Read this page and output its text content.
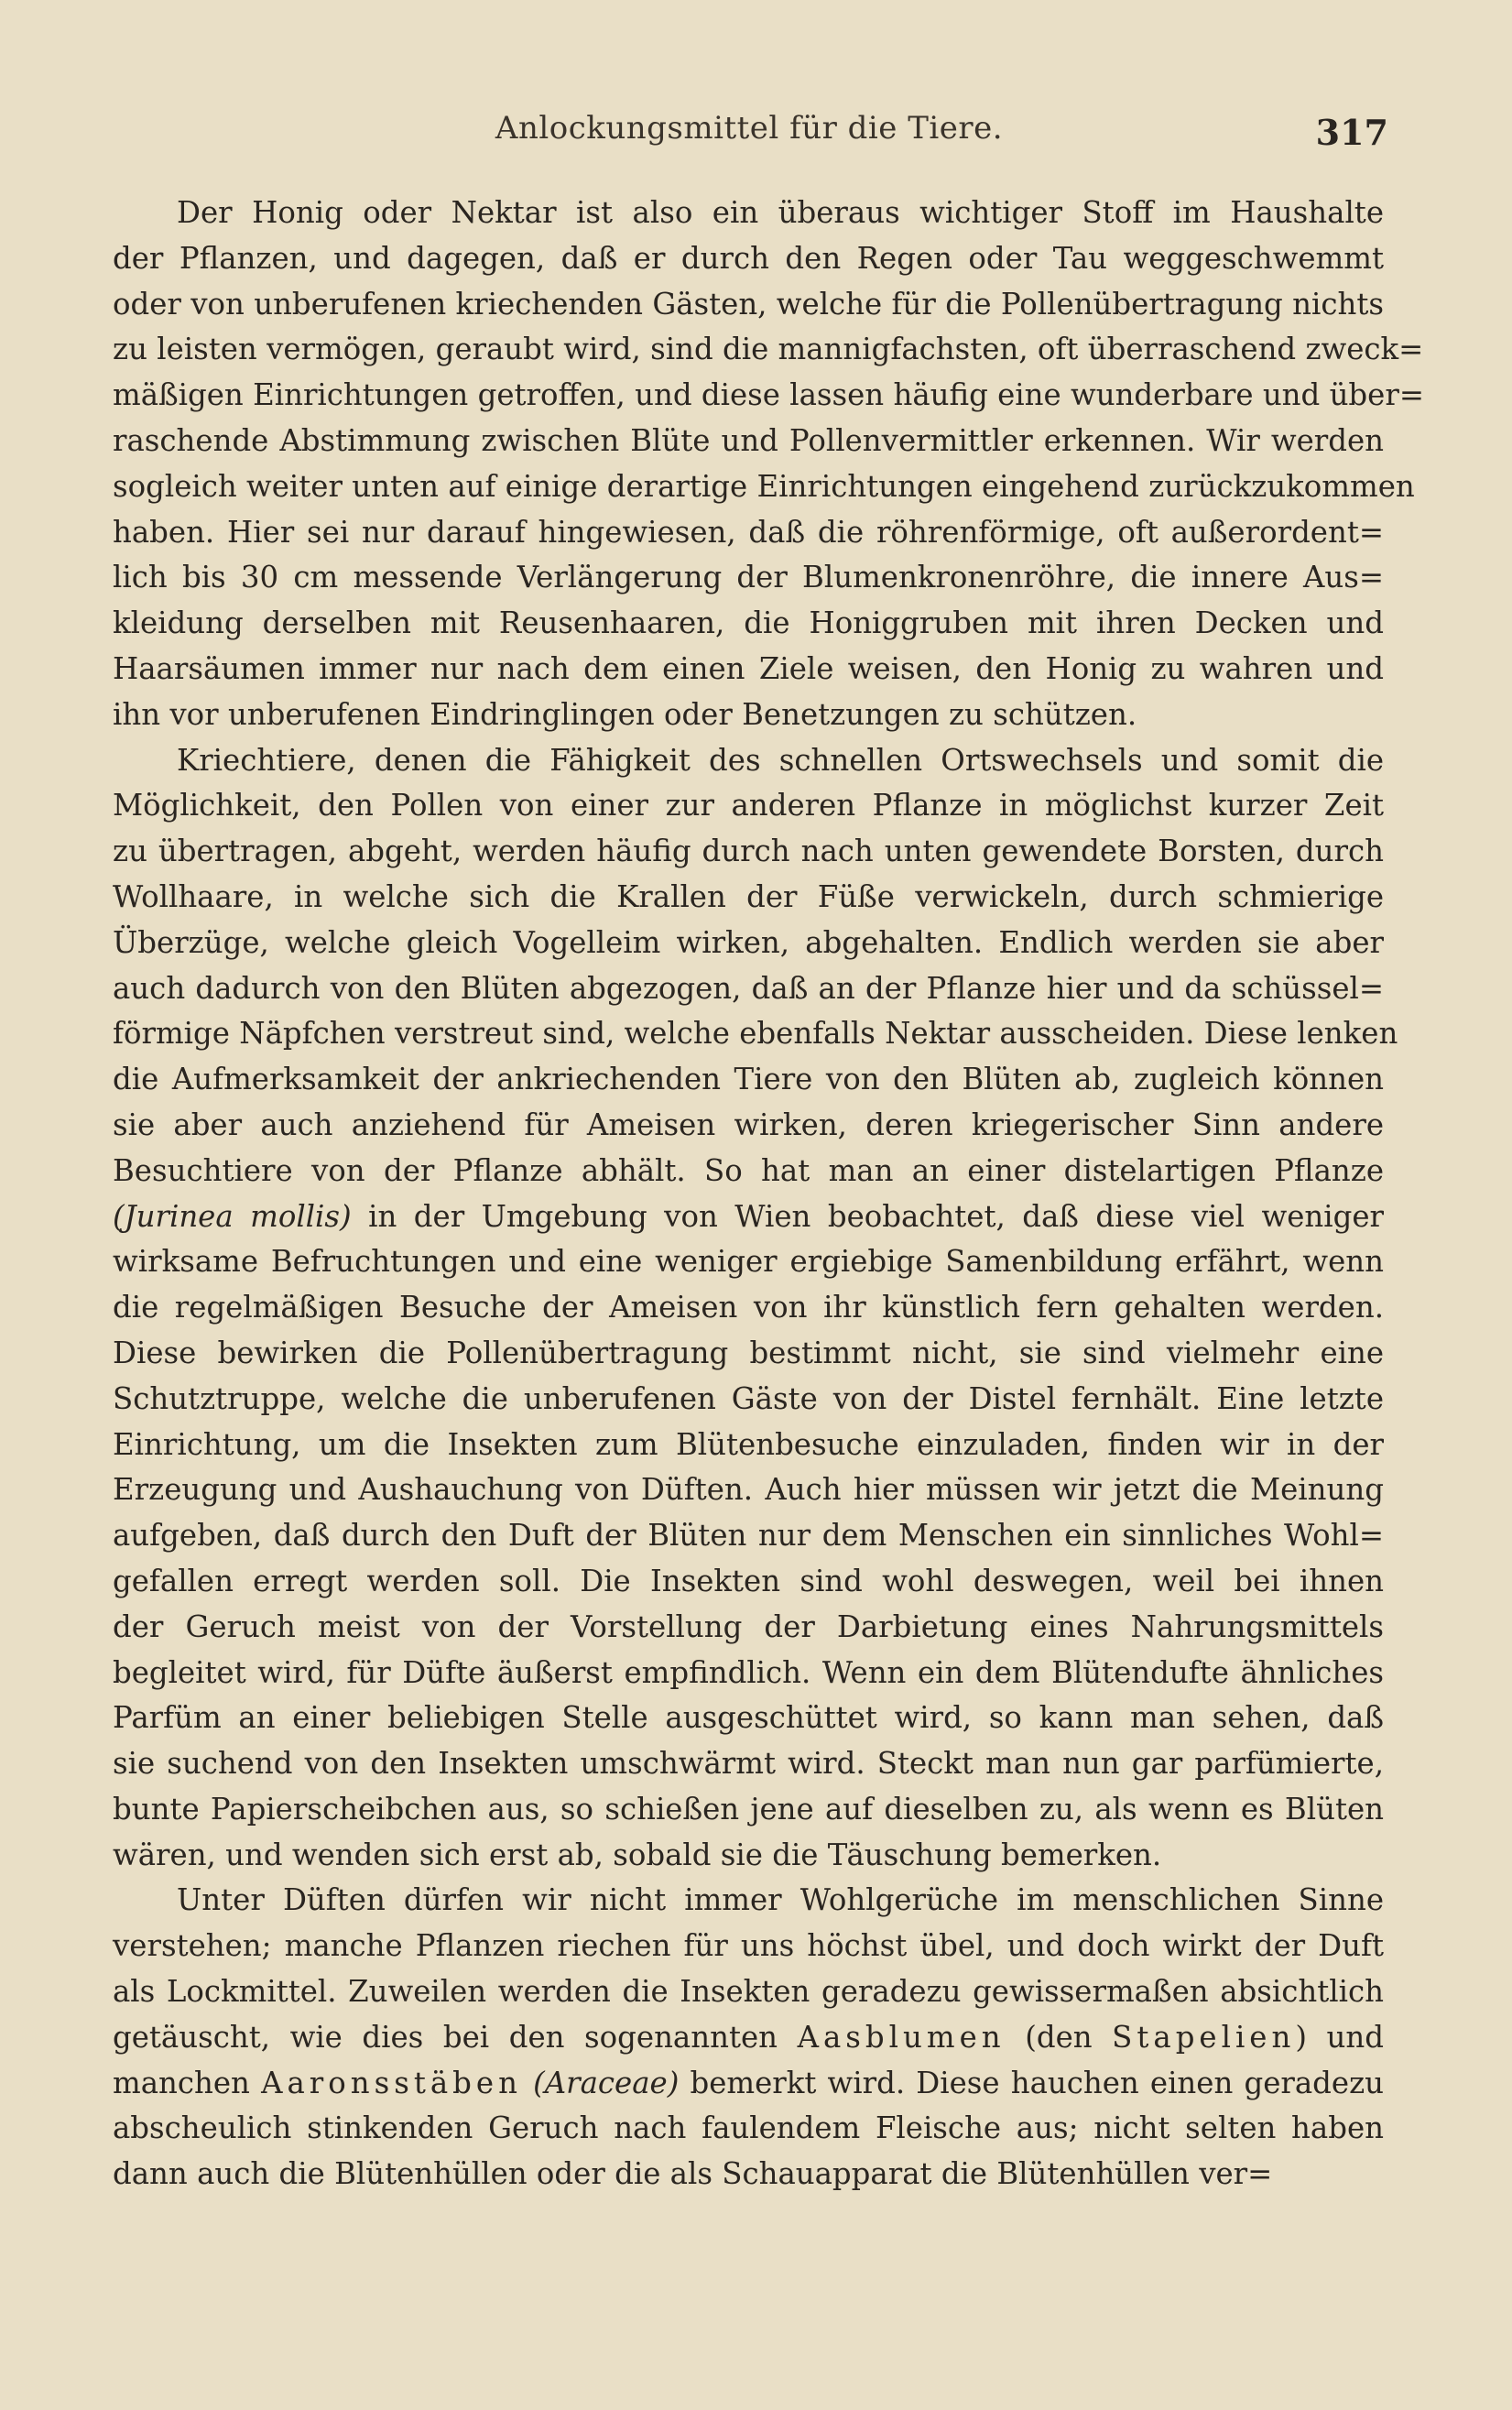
Anlockungsmittel für die Tiere.	317

Der Honig oder Nektar ist also ein überaus wichtiger Stoff im Haushalte

der Pflanzen, und dagegen, daß er durch den Regen oder Tau weggeschwemmt

oder von unberufenen kriechenden Gästen, welche für die Pollenübertragung nichts

zu leisten vermögen, geraubt wird, sind die mannigfachsten, oft überraschend zweck=

mäßigen Einrichtungen getroffen, und diese lassen häufig eine wunderbare und über=

raschende Abstimmung zwischen Blüte und Pollenvermittler erkennen. Wir werden

sogleich weiter unten auf einige derartige Einrichtungen eingehend zurückzukommen

haben. Hier sei nur darauf hingewiesen, daß die röhrenförmige, oft außerordent=

lich bis 30 cm messende Verlängerung der Blumenkronenröhre, die innere Aus=

kleidung derselben mit Reusenhaaren, die Honiggruben mit ihren Decken und

Haarsäumen immer nur nach dem einen Ziele weisen, den Honig zu wahren und

ihn vor unberufenen Eindringlingen oder Benetzungen zu schützen.

Kriechtiere, denen die Fähigkeit des schnellen Ortswechsels und somit die

Möglichkeit, den Pollen von einer zur anderen Pflanze in möglichst kurzer Zeit

zu übertragen, abgeht, werden häufig durch nach unten gewendete Borsten, durch

Wollhaare, in welche sich die Krallen der Füße verwickeln, durch schmierige

Überzüge, welche gleich Vogelleim wirken, abgehalten. Endlich werden sie aber

auch dadurch von den Blüten abgezogen, daß an der Pflanze hier und da schüssel=

förmige Näpfchen verstreut sind, welche ebenfalls Nektar ausscheiden. Diese lenken

die Aufmerksamkeit der ankriechenden Tiere von den Blüten ab, zugleich können

sie aber auch anziehend für Ameisen wirken, deren kriegerischer Sinn andere

Besuchtiere von der Pflanze abhält. So hat man an einer distelartigen Pflanze

(Jurinea mollis) in der Umgebung von Wien beobachtet, daß diese viel weniger

wirksame Befruchtungen und eine weniger ergiebige Samenbildung erfährt, wenn

die regelmäßigen Besuche der Ameisen von ihr künstlich fern gehalten werden.

Diese bewirken die Pollenübertragung bestimmt nicht, sie sind vielmehr eine

Schutztruppe, welche die unberufenen Gäste von der Distel fernhält. Eine letzte

Einrichtung, um die Insekten zum Blütenbesuche einzuladen, finden wir in der

Erzeugung und Aushauchung von Düften. Auch hier müssen wir jetzt die Meinung

aufgeben, daß durch den Duft der Blüten nur dem Menschen ein sinnliches Wohl=

gefallen erregt werden soll. Die Insekten sind wohl deswegen, weil bei ihnen

der Geruch meist von der Vorstellung der Darbietung eines Nahrungsmittels

begleitet wird, für Düfte äußerst empfindlich. Wenn ein dem Blütendufte ähnliches

Parfüm an einer beliebigen Stelle ausgeschüttet wird, so kann man sehen, daß

sie suchend von den Insekten umschwärmt wird. Steckt man nun gar parfümierte,

bunte Papierscheibchen aus, so schießen jene auf dieselben zu, als wenn es Blüten

wären, und wenden sich erst ab, sobald sie die Täuschung bemerken.

Unter Düften dürfen wir nicht immer Wohlgerüche im menschlichen Sinne

verstehen; manche Pflanzen riechen für uns höchst übel, und doch wirkt der Duft

als Lockmittel. Zuweilen werden die Insekten geradezu gewissermaßen absichtlich

getäuscht, wie dies bei den sogenannten Aasblumen (den Stapelien) und

manchen Aaronsstäben (Araceae) bemerkt wird. Diese hauchen einen geradezu

abscheulich stinkenden Geruch nach faulendem Fleische aus; nicht selten haben

dann auch die Blütenhüllen oder die als Schauapparat die Blütenhüllen ver=
